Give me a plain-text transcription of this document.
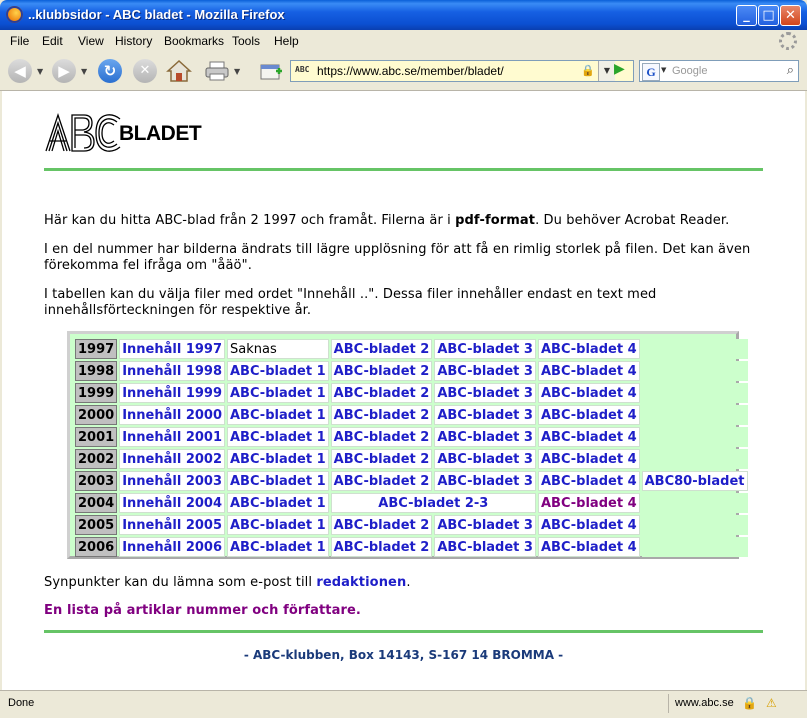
..klubbsidor - ABC bladet - Mozilla Firefox	_ □ ✕
File Edit View History Bookmarks Tools Help
◀	▼	▶	▼	↻	✕	▼	ABC https://www.abc.se/member/bladet/	🔒	▼ ▶	G ▼ Google	⌕
BLADET
Här kan du hitta ABC-blad från 2 1997 och framåt. Filerna är i pdf-format. Du behöver Acrobat Reader.
I en del nummer har bilderna ändrats till lägre upplösning för att få en rimlig storlek på filen. Det kan även förekomma fel ifråga om "åäö".
I tabellen kan du välja filer med ordet "Innehåll ..". Dessa filer innehåller endast en text med innehållsförteckningen för respektive år.
1997	Innehåll 1997	Saknas	ABC-bladet 2	ABC-bladet 3	ABC-bladet 4	
1998	Innehåll 1998	ABC-bladet 1	ABC-bladet 2	ABC-bladet 3	ABC-bladet 4	
1999	Innehåll 1999	ABC-bladet 1	ABC-bladet 2	ABC-bladet 3	ABC-bladet 4	
2000	Innehåll 2000	ABC-bladet 1	ABC-bladet 2	ABC-bladet 3	ABC-bladet 4	
2001	Innehåll 2001	ABC-bladet 1	ABC-bladet 2	ABC-bladet 3	ABC-bladet 4	
2002	Innehåll 2002	ABC-bladet 1	ABC-bladet 2	ABC-bladet 3	ABC-bladet 4	
2003	Innehåll 2003	ABC-bladet 1	ABC-bladet 2	ABC-bladet 3	ABC-bladet 4	ABC80-bladet
2004	Innehåll 2004	ABC-bladet 1	ABC-bladet 2-3		ABC-bladet 4	
2005	Innehåll 2005	ABC-bladet 1	ABC-bladet 2	ABC-bladet 3	ABC-bladet 4	
2006	Innehåll 2006	ABC-bladet 1	ABC-bladet 2	ABC-bladet 3	ABC-bladet 4	
Synpunkter kan du lämna som e-post till redaktionen.
En lista på artiklar nummer och författare.
- ABC-klubben, Box 14143, S-167 14 BROMMA -
Done	www.abc.se 🔒 ⚠
